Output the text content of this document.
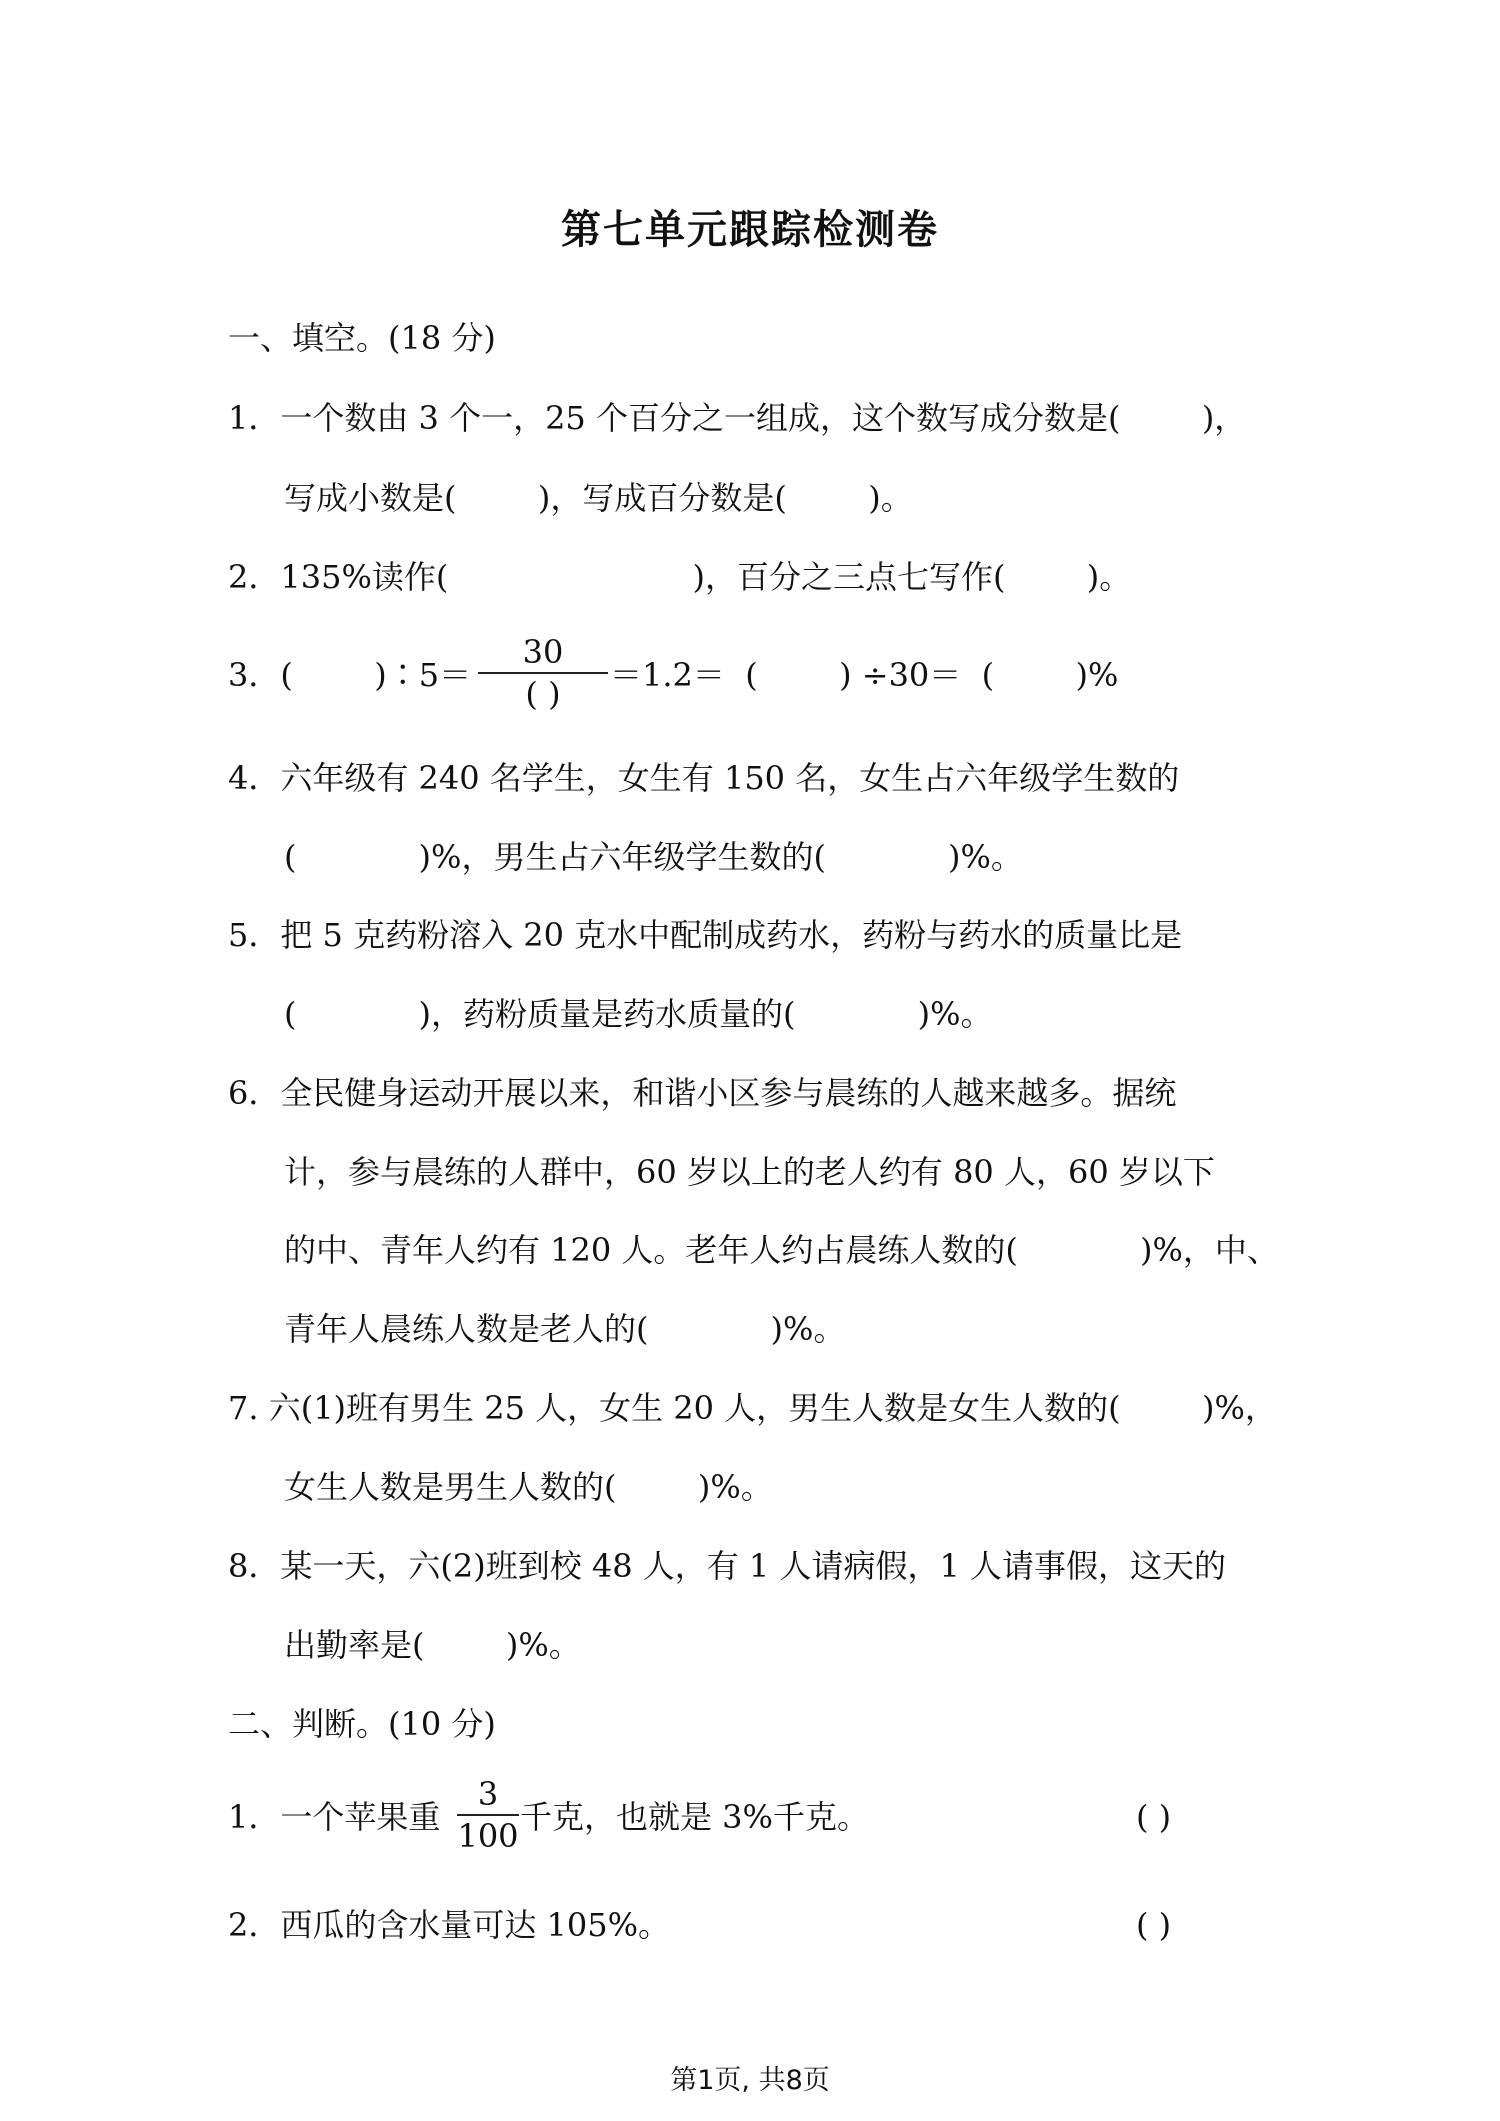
第七单元跟踪检测卷
一、填空。(18 分)
1．一个数由 3 个一，25 个百分之一组成，这个数写成分数是(        )，
写成小数是(        )，写成百分数是(        )。
2．135%读作(                        )，百分之三点七写作(        )。
3．(        )∶5＝
30
( )	＝1.2＝  (        ) ÷30＝  (        )%
4．六年级有 240 名学生，女生有 150 名，女生占六年级学生数的
(            )%，男生占六年级学生数的(            )%。
5．把 5 克药粉溶入 20 克水中配制成药水，药粉与药水的质量比是
(            )，药粉质量是药水质量的(            )%。
6．全民健身运动开展以来，和谐小区参与晨练的人越来越多。据统
计，参与晨练的人群中，60 岁以上的老人约有 80 人，60 岁以下
的中、青年人约有 120 人。老年人约占晨练人数的(            )%，中、
青年人晨练人数是老人的(            )%。
7. 六(1)班有男生 25 人，女生 20 人，男生人数是女生人数的(        )%，
女生人数是男生人数的(        )%。
8．某一天，六(2)班到校 48 人，有 1 人请病假，1 人请事假，这天的
出勤率是(        )%。
二、判断。(10 分)
1．一个苹果重
3
100 千克，也就是 3%千克。	( )
2．西瓜的含水量可达 105%。	( )
第1页, 共8页
